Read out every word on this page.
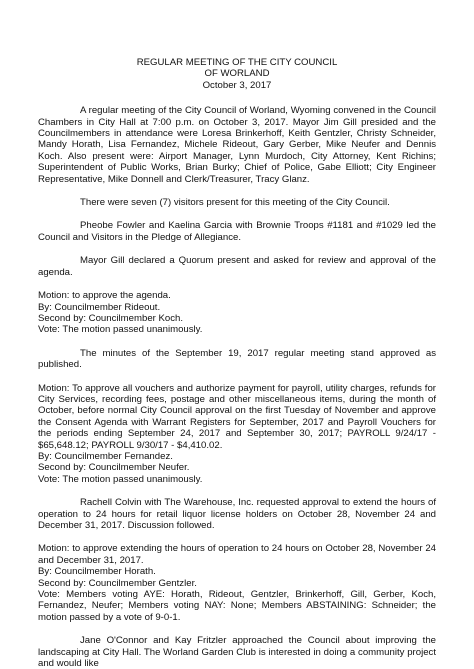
REGULAR MEETING OF THE CITY COUNCIL
OF WORLAND
October 3, 2017

A regular meeting of the City Council of Worland, Wyoming convened in the Council Chambers in City Hall at 7:00 p.m. on October 3, 2017. Mayor Jim Gill presided and the Councilmembers in attendance were Loresa Brinkerhoff, Keith Gentzler, Christy Schneider, Mandy Horath, Lisa Fernandez, Michele Rideout, Gary Gerber, Mike Neufer and Dennis Koch. Also present were: Airport Manager, Lynn Murdoch, City Attorney, Kent Richins; Superintendent of Public Works, Brian Burky; Chief of Police, Gabe Elliott; City Engineer Representative, Mike Donnell and Clerk/Treasurer, Tracy Glanz.

There were seven (7) visitors present for this meeting of the City Council.

Pheobe Fowler and Kaelina Garcia with Brownie Troops #1181 and #1029 led the Council and Visitors in the Pledge of Allegiance.

Mayor Gill declared a Quorum present and asked for review and approval of the agenda.

Motion: to approve the agenda.
By: Councilmember Rideout.
Second by: Councilmember Koch.
Vote: The motion passed unanimously.

The minutes of the September 19, 2017 regular meeting stand approved as published.

Motion: To approve all vouchers and authorize payment for payroll, utility charges, refunds for City Services, recording fees, postage and other miscellaneous items, during the month of October, before normal City Council approval on the first Tuesday of November and approve the Consent Agenda with Warrant Registers for September, 2017 and Payroll Vouchers for the periods ending September 24, 2017 and September 30, 2017; PAYROLL 9/24/17 - $65,648.12; PAYROLL 9/30/17 - $4,410.02.
By: Councilmember Fernandez.
Second by: Councilmember Neufer.
Vote: The motion passed unanimously.

Rachell Colvin with The Warehouse, Inc. requested approval to extend the hours of operation to 24 hours for retail liquor license holders on October 28, November 24 and December 31, 2017. Discussion followed.

Motion: to approve extending the hours of operation to 24 hours on October 28, November 24 and December 31, 2017.
By: Councilmember Horath.
Second by: Councilmember Gentzler.
Vote: Members voting AYE: Horath, Rideout, Gentzler, Brinkerhoff, Gill, Gerber, Koch, Fernandez, Neufer; Members voting NAY: None; Members ABSTAINING: Schneider; the motion passed by a vote of 9-0-1.

Jane O'Connor and Kay Fritzler approached the Council about improving the landscaping at City Hall. The Worland Garden Club is interested in doing a community project and would like
